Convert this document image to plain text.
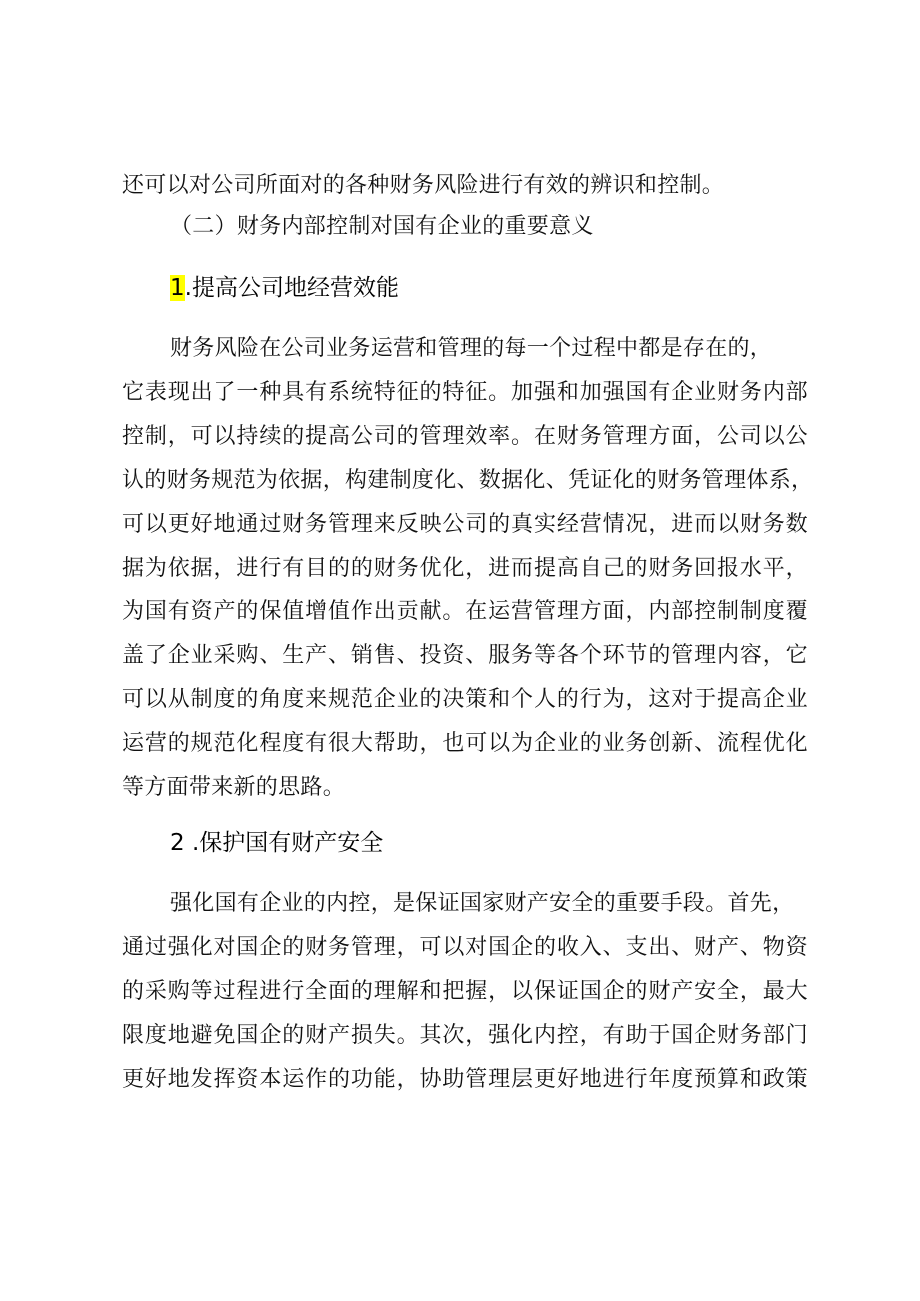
还可以对公司所面对的各种财务风险进行有效的辨识和控制。
（二）财务内部控制对国有企业的重要意义
1.提高公司地经营效能
财务风险在公司业务运营和管理的每一个过程中都是存在的，
它表现出了一种具有系统特征的特征。加强和加强国有企业财务内部
控制，可以持续的提高公司的管理效率。在财务管理方面，公司以公
认的财务规范为依据，构建制度化、数据化、凭证化的财务管理体系，
可以更好地通过财务管理来反映公司的真实经营情况，进而以财务数
据为依据，进行有目的的财务优化，进而提高自己的财务回报水平，
为国有资产的保值增值作出贡献。在运营管理方面，内部控制制度覆
盖了企业采购、生产、销售、投资、服务等各个环节的管理内容，它
可以从制度的角度来规范企业的决策和个人的行为，这对于提高企业
运营的规范化程度有很大帮助，也可以为企业的业务创新、流程优化
等方面带来新的思路。
2 .保护国有财产安全
强化国有企业的内控，是保证国家财产安全的重要手段。首先，
通过强化对国企的财务管理，可以对国企的收入、支出、财产、物资
的采购等过程进行全面的理解和把握，以保证国企的财产安全，最大
限度地避免国企的财产损失。其次，强化内控，有助于国企财务部门
更好地发挥资本运作的功能，协助管理层更好地进行年度预算和政策
